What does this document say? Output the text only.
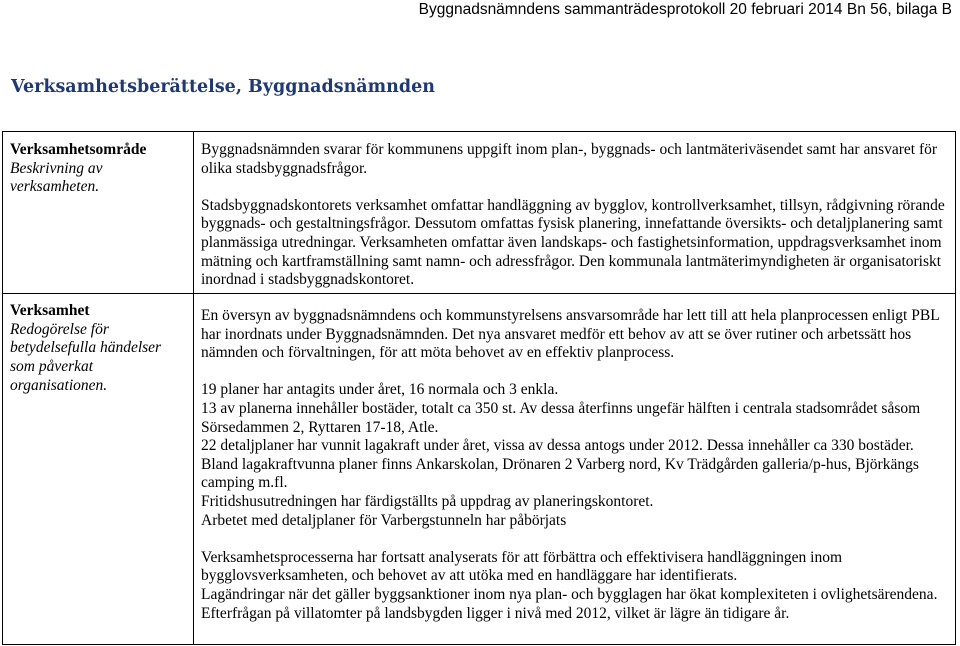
Byggnadsnämndens sammanträdesprotokoll 20 februari 2014 Bn 56, bilaga B
Verksamhetsberättelse, Byggnadsnämnden
Verksamhetsområde
Beskrivning av verksamheten.

Byggnadsnämnden svarar för kommunens uppgift inom plan-, byggnads- och lantmäteriväsendet samt har ansvaret för olika stadsbyggnadsfrågor.

Stadsbyggnadskontorets verksamhet omfattar handläggning av bygglov, kontrollverksamhet, tillsyn, rådgivning rörande byggnads- och gestaltningsfrågor. Dessutom omfattas fysisk planering, innefattande översikts- och detaljplanering samt planmässiga utredningar. Verksamheten omfattar även landskaps- och fastighetsinformation, uppdragsverksamhet inom mätning och kartframställning samt namn- och adressfrågor. Den kommunala lantmäterimyndigheten är organisatoriskt inordnad i stadsbyggnadskontoret.

Verksamhet
Redogörelse för betydelsefulla händelser som påverkat organisationen.

En översyn av byggnadsnämndens och kommunstyrelsens ansvarsområde har lett till att hela planprocessen enligt PBL har inordnats under Byggnadsnämnden. Det nya ansvaret medför ett behov av att se över rutiner och arbetssätt hos nämnden och förvaltningen, för att möta behovet av en effektiv planprocess.

19 planer har antagits under året, 16 normala och 3 enkla.

13 av planerna innehåller bostäder, totalt ca 350 st. Av dessa återfinns ungefär hälften i centrala stadsområdet såsom Sörsedammen 2, Ryttaren 17-18, Atle.

22 detaljplaner har vunnit lagakraft under året, vissa av dessa antogs under 2012. Dessa innehåller ca 330 bostäder. Bland lagakraftvunna planer finns Ankarskolan, Drönaren 2 Varberg nord, Kv Trädgården galleria/p-hus, Björkängs camping m.fl.

Fritidshusutredningen har färdigställts på uppdrag av planeringskontoret.

Arbetet med detaljplaner för Varbergstunneln har påbörjats

Verksamhetsprocesserna har fortsatt analyserats för att förbättra och effektivisera handläggningen inom bygglovsverksamheten, och behovet av att utöka med en handläggare har identifierats.

Lagändringar när det gäller byggsanktioner inom nya plan- och bygglagen har ökat komplexiteten i ovlighetsärendena.

Efterfrågan på villatomter på landsbygden ligger i nivå med 2012, vilket är lägre än tidigare år.
